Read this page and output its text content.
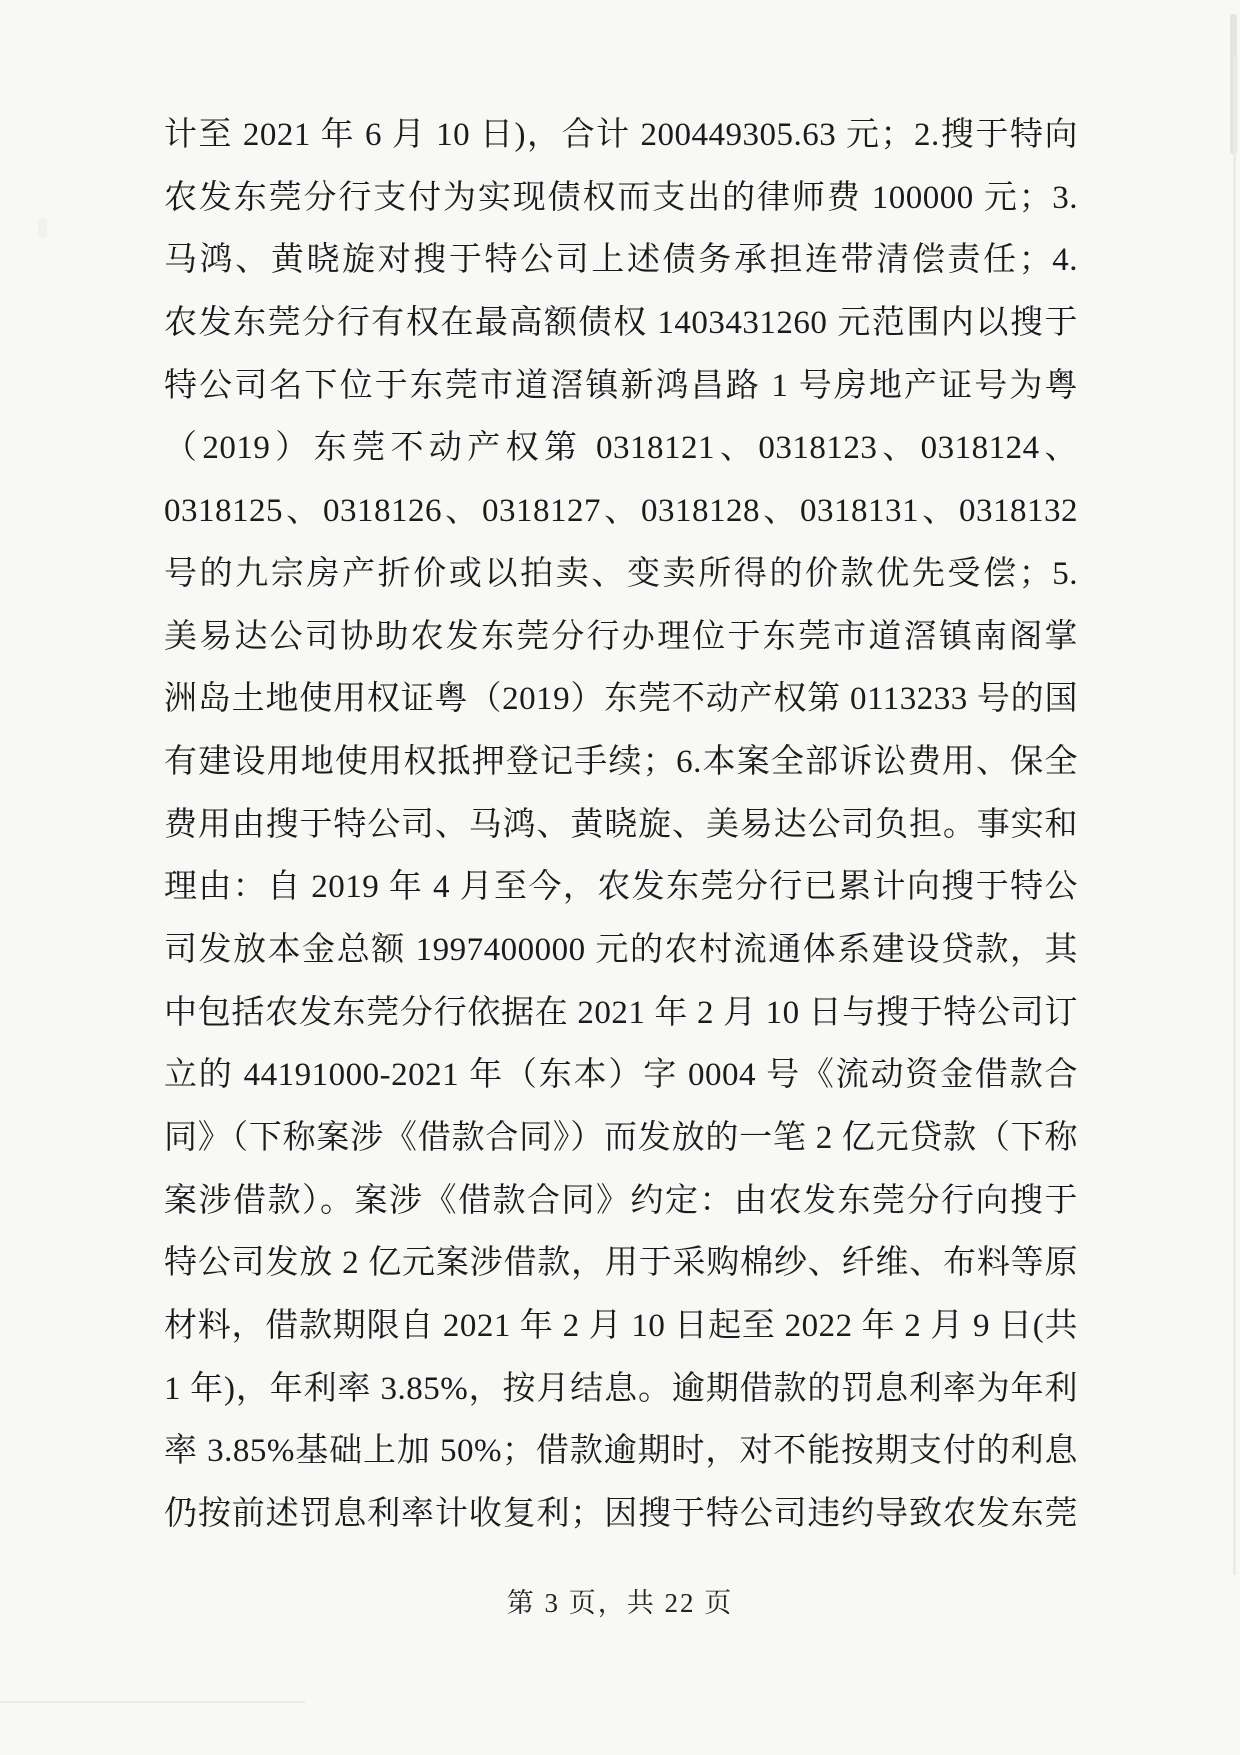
计至 2021 年 6 月 10 日)，合计 200449305.63 元；2.搜于特向
农发东莞分行支付为实现债权而支出的律师费 100000 元；3.
马鸿、黄晓旋对搜于特公司上述债务承担连带清偿责任；4.
农发东莞分行有权在最高额债权 1403431260 元范围内以搜于
特公司名下位于东莞市道滘镇新鸿昌路 1 号房地产证号为粤
（2019）东莞不动产权第 0318121、0318123、0318124、
0318125、0318126、0318127、0318128、0318131、0318132
号的九宗房产折价或以拍卖、变卖所得的价款优先受偿；5.
美易达公司协助农发东莞分行办理位于东莞市道滘镇南阁掌
洲岛土地使用权证粤（2019）东莞不动产权第 0113233 号的国
有建设用地使用权抵押登记手续；6.本案全部诉讼费用、保全
费用由搜于特公司、马鸿、黄晓旋、美易达公司负担。事实和
理由：自 2019 年 4 月至今，农发东莞分行已累计向搜于特公
司发放本金总额 1997400000 元的农村流通体系建设贷款，其
中包括农发东莞分行依据在 2021 年 2 月 10 日与搜于特公司订
立的 44191000-2021 年（东本）字 0004 号《流动资金借款合
同》（下称案涉《借款合同》）而发放的一笔 2 亿元贷款（下称
案涉借款）。案涉《借款合同》约定：由农发东莞分行向搜于
特公司发放 2 亿元案涉借款，用于采购棉纱、纤维、布料等原
材料，借款期限自 2021 年 2 月 10 日起至 2022 年 2 月 9 日(共
1 年)，年利率 3.85%，按月结息。逾期借款的罚息利率为年利
率 3.85%基础上加 50%；借款逾期时，对不能按期支付的利息
仍按前述罚息利率计收复利；因搜于特公司违约导致农发东莞
第 3 页，共 22 页
